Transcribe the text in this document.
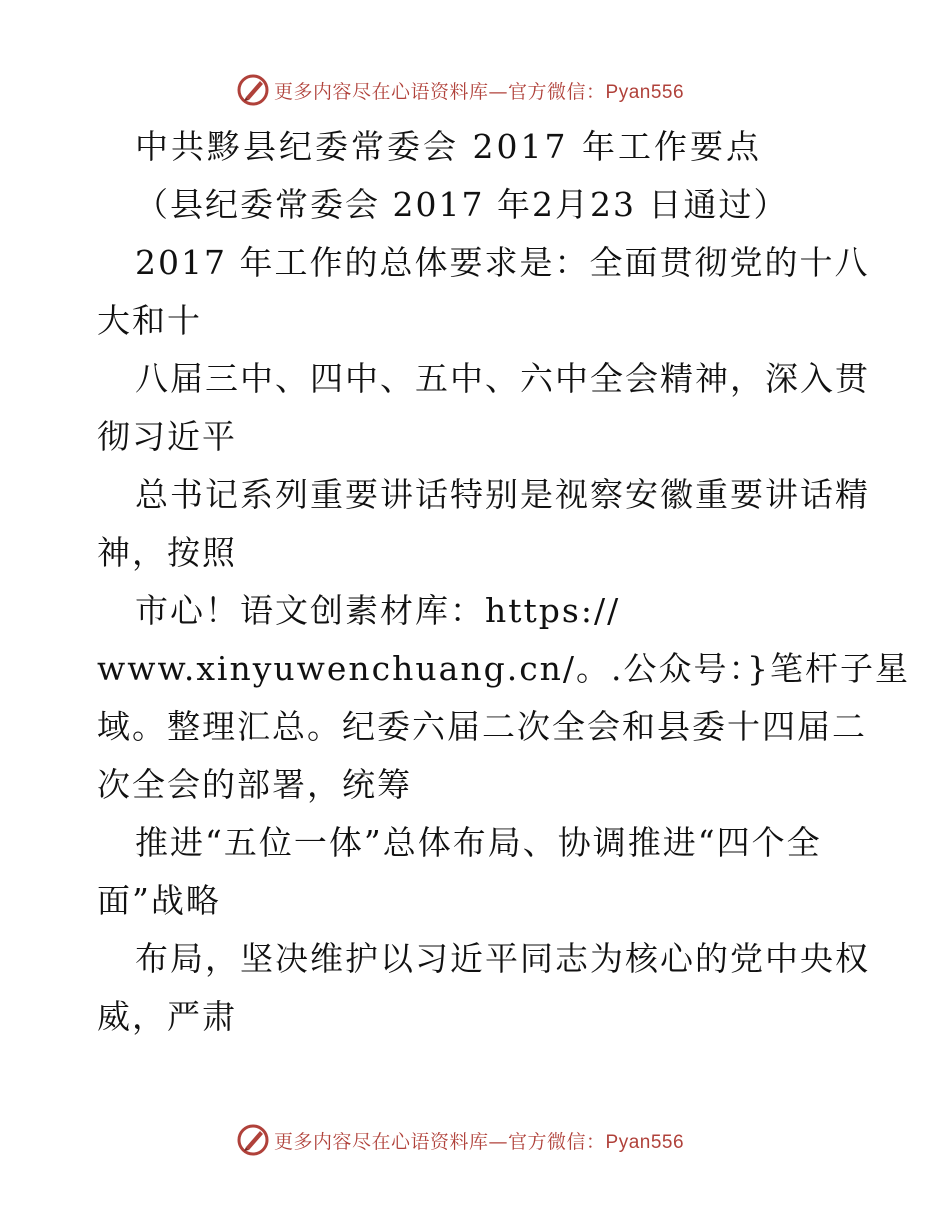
更多内容尽在心语资料库—官方微信：Pyan556
中共黟县纪委常委会 2017 年工作要点
（县纪委常委会 2017 年2月23 日通过）
2017 年工作的总体要求是：全面贯彻党的十八
大和十
八届三中、四中、五中、六中全会精神，深入贯
彻习近平
总书记系列重要讲话特别是视察安徽重要讲话精
神，按照
市心！语文创素材库：https://
www.xinyuwenchuang.cn/。.公众号：}笔杆子星
域。整理汇总。纪委六届二次全会和县委十四届二
次全会的部署，统筹
推进“五位一体”总体布局、协调推进“四个全
面”战略
布局，坚决维护以习近平同志为核心的党中央权
威，严肃
更多内容尽在心语资料库—官方微信：Pyan556
